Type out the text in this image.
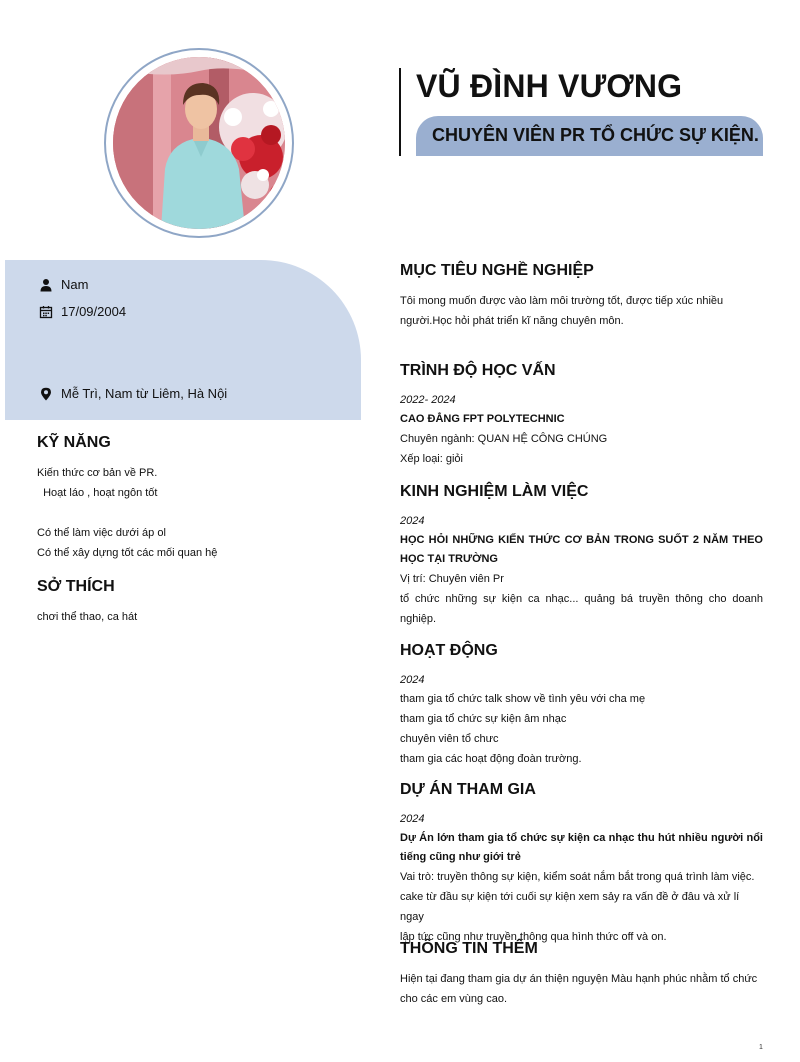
VŨ ĐÌNH VƯƠNG
CHUYÊN VIÊN PR TỔ CHỨC SỰ KIỆN.
Nam
17/09/2004
Mễ Trì, Nam từ Liêm, Hà Nội
KỸ NĂNG
Kiến thức cơ bản về PR.
Hoạt láo , hoạt ngôn tốt
Có thể làm việc dưới áp ol
Có thể xây dựng tốt các mối quan hệ
SỞ THÍCH
chơi thể thao, ca hát
MỤC TIÊU NGHỀ NGHIỆP
Tôi mong muốn được vào làm môi trường tốt, được tiếp xúc nhiều
người.Học hỏi phát triển kĩ năng chuyên môn.
TRÌNH ĐỘ HỌC VẤN
2022- 2024
CAO ĐẲNG FPT POLYTECHNIC
Chuyên ngành: QUAN HỆ CÔNG CHÚNG
Xếp loại: giỏi
KINH NGHIỆM LÀM VIỆC
2024
HỌC HỎI NHỮNG KIẾN THỨC CƠ BẢN TRONG SUỐT 2 NĂM THEO HỌC TẠI TRƯỜNG
Vị trí: Chuyên viên Pr
tổ chức những sự kiện ca nhạc... quảng bá truyền thông cho doanh nghiệp.
HOẠT ĐỘNG
2024
tham gia tổ chức talk show về tình yêu với cha mẹ
tham gia tổ chức sự kiện âm nhạc
chuyên viên tổ chưc
tham gia các hoạt động đoàn trường.
DỰ ÁN THAM GIA
2024
Dự Án lớn tham gia tổ chức sự kiện ca nhạc thu hút nhiều người nổi tiếng cũng như giới trẻ
Vai trò: truyền thông sự kiện, kiểm soát nắm bắt trong quá trình làm việc.
cake từ đầu sự kiện tới cuối sự kiện xem sảy ra vấn đề ở đâu và xử lí ngay
lập tức cũng như truyền thông qua hình thức off và on.
THÔNG TIN THÊM
Hiện tại đang tham gia dự án thiện nguyện Màu hạnh phúc nhằm tổ chức
cho các em vùng cao.
1
